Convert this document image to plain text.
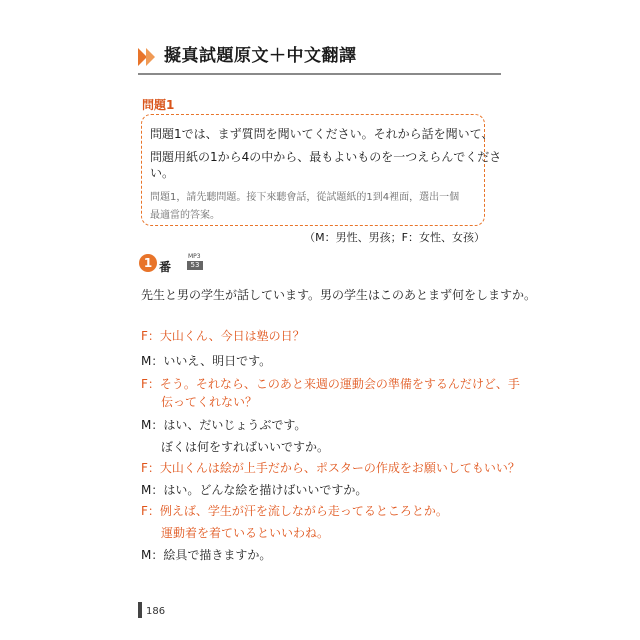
擬真試題原文＋中文翻譯
問題1
問題1では、まず質問を聞いてください。それから話を聞いて、
問題用紙の1から4の中から、最もよいものを一つえらんでくださ
い。
問題1，請先聽問題。接下來聽會話，從試題紙的1到4裡面，選出一個
最適當的答案。
（M：男性、男孩；F：女性、女孩）
1 番
MP3
53
先生と男の学生が話しています。男の学生はこのあとまず何をしますか。
F：大山くん、今日は塾の日？
M：いいえ、明日です。
F：そう。それなら、このあと来週の運動会の準備をするんだけど、手
伝ってくれない？
M：はい、だいじょうぶです。
ぼくは何をすればいいですか。
F：大山くんは絵が上手だから、ポスターの作成をお願いしてもいい？
M：はい。どんな絵を描けばいいですか。
F：例えば、学生が汗を流しながら走ってるところとか。
運動着を着ているといいわね。
M：絵具で描きますか。
186
